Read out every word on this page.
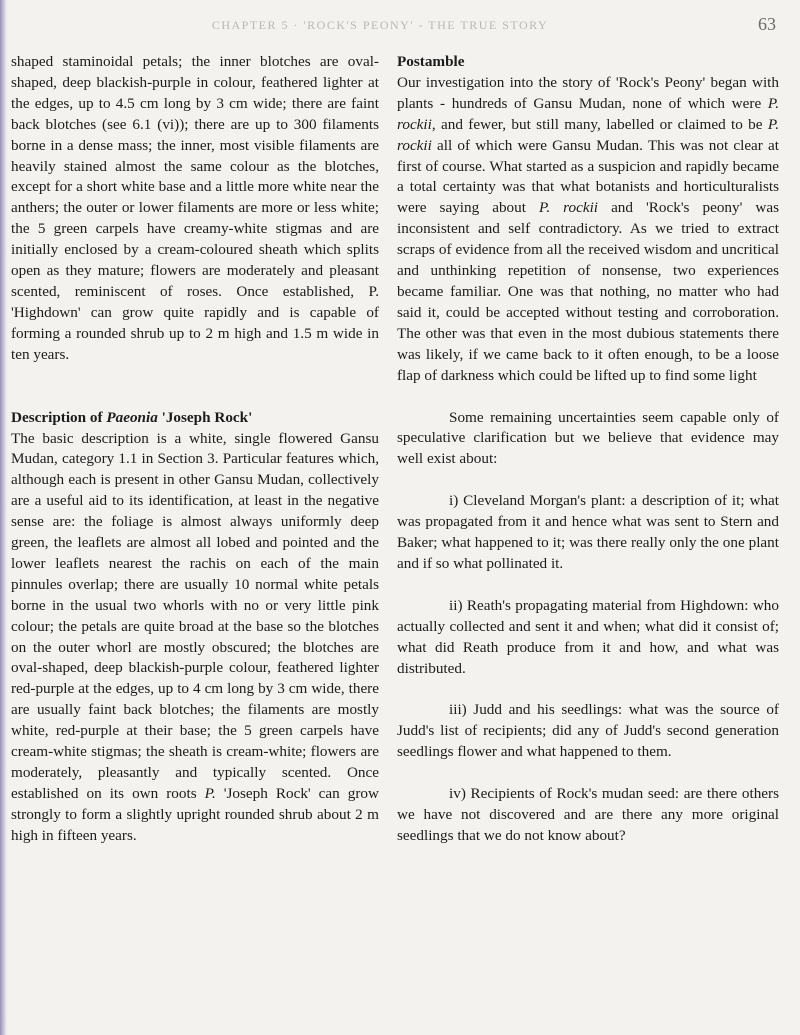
CHAPTER 5 · 'ROCK'S PEONY' - THE TRUE STORY	63

shaped staminoidal petals; the inner blotches are oval-shaped, deep blackish-purple in colour, feathered lighter at the edges, up to 4.5 cm long by 3 cm wide; there are faint back blotches (see 6.1 (vi)); there are up to 300 filaments borne in a dense mass; the inner, most visible filaments are heavily stained almost the same colour as the blotches, except for a short white base and a little more white near the anthers; the outer or lower filaments are more or less white; the 5 green carpels have creamy-white stigmas and are initially enclosed by a cream-coloured sheath which splits open as they mature; flowers are moderately and pleasant scented, reminiscent of roses. Once established, P. 'Highdown' can grow quite rapidly and is capable of forming a rounded shrub up to 2 m high and 1.5 m wide in ten years.

Description of Paeonia 'Joseph Rock'

The basic description is a white, single flowered Gansu Mudan, category 1.1 in Section 3. Particular features which, although each is present in other Gansu Mudan, collectively are a useful aid to its identification, at least in the negative sense are: the foliage is almost always uniformly deep green, the leaflets are almost all lobed and pointed and the lower leaflets nearest the rachis on each of the main pinnules overlap; there are usually 10 normal white petals borne in the usual two whorls with no or very little pink colour; the petals are quite broad at the base so the blotches on the outer whorl are mostly obscured; the blotches are oval-shaped, deep blackish-purple colour, feathered lighter red-purple at the edges, up to 4 cm long by 3 cm wide, there are usually faint back blotches; the filaments are mostly white, red-purple at their base; the 5 green carpels have cream-white stigmas; the sheath is cream-white; flowers are moderately, pleasantly and typically scented. Once established on its own roots P. 'Joseph Rock' can grow strongly to form a slightly upright rounded shrub about 2 m high in fifteen years.

Postamble

Our investigation into the story of 'Rock's Peony' began with plants - hundreds of Gansu Mudan, none of which were P. rockii, and fewer, but still many, labelled or claimed to be P. rockii all of which were Gansu Mudan. This was not clear at first of course. What started as a suspicion and rapidly became a total certainty was that what botanists and horticulturalists were saying about P. rockii and 'Rock's peony' was inconsistent and self contradictory. As we tried to extract scraps of evidence from all the received wisdom and uncritical and unthinking repetition of nonsense, two experiences became familiar. One was that nothing, no matter who had said it, could be accepted without testing and corroboration. The other was that even in the most dubious statements there was likely, if we came back to it often enough, to be a loose flap of darkness which could be lifted up to find some light

Some remaining uncertainties seem capable only of speculative clarification but we believe that evidence may well exist about:

i) Cleveland Morgan's plant: a description of it; what was propagated from it and hence what was sent to Stern and Baker; what happened to it; was there really only the one plant and if so what pollinated it.

ii) Reath's propagating material from Highdown: who actually collected and sent it and when; what did it consist of; what did Reath produce from it and how, and what was distributed.

iii) Judd and his seedlings: what was the source of Judd's list of recipients; did any of Judd's second generation seedlings flower and what happened to them.

iv) Recipients of Rock's mudan seed: are there others we have not discovered and are there any more original seedlings that we do not know about?
